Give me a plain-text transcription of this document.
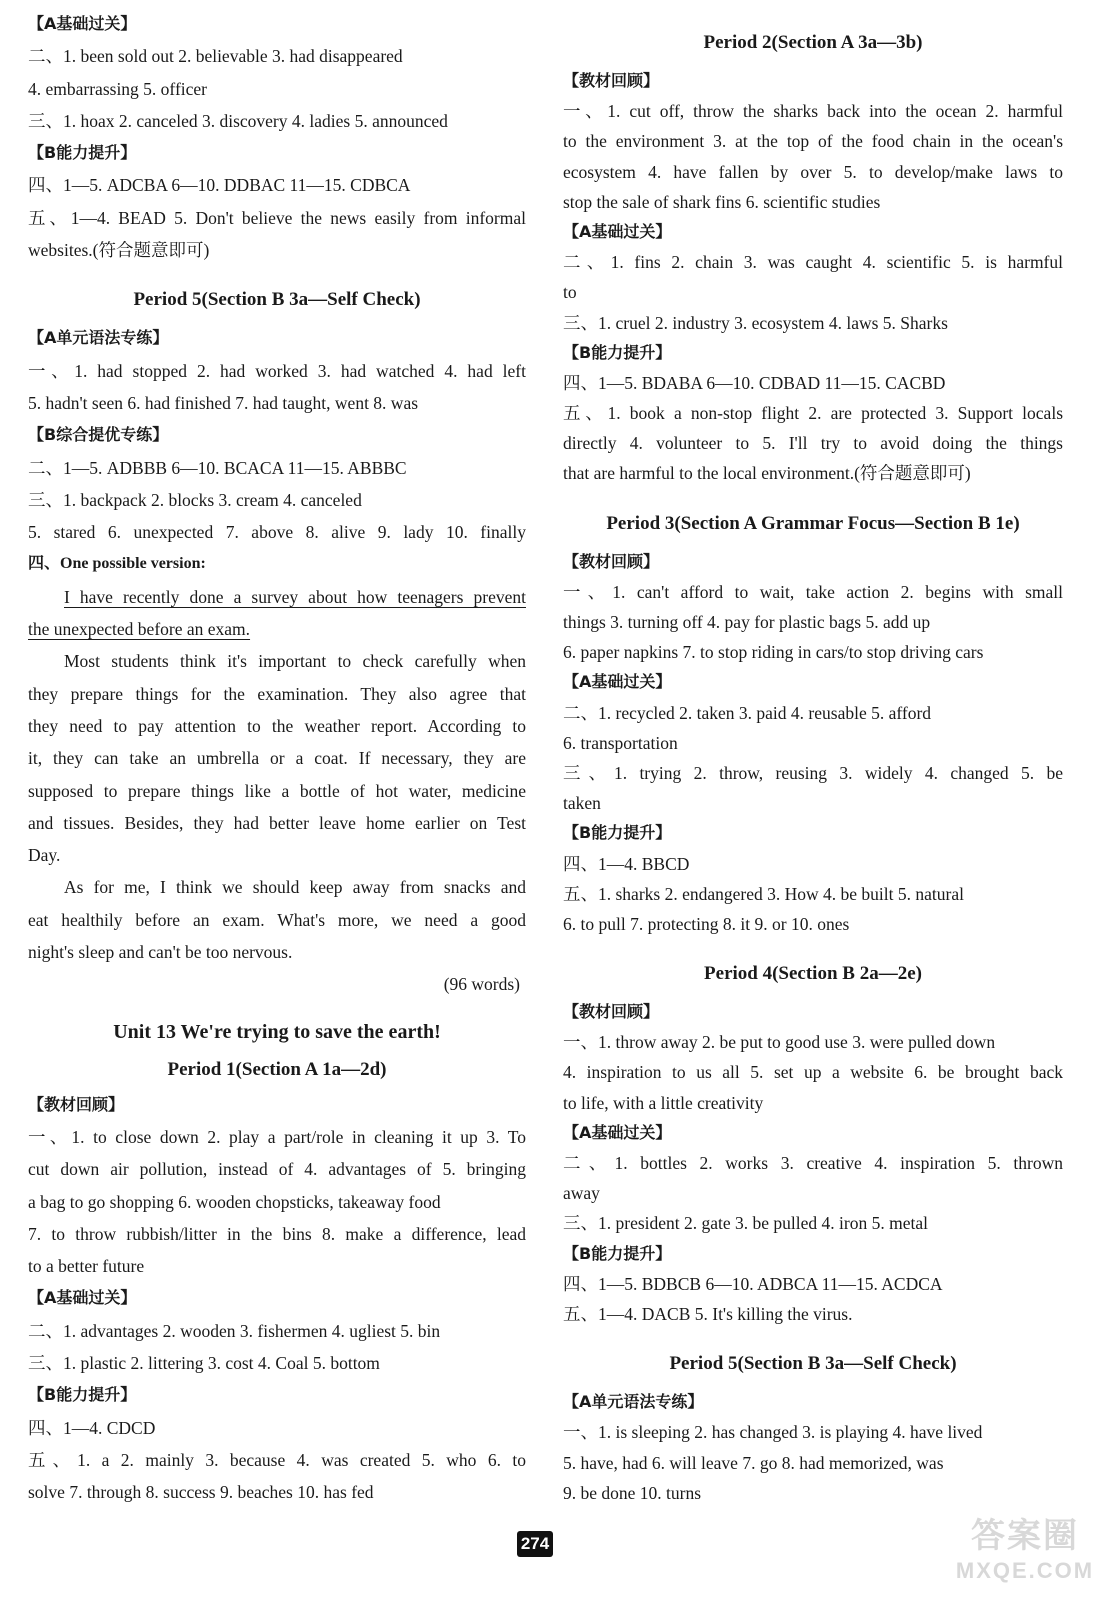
【A基础过关】
二、1. been sold out 2. believable 3. had disappeared
4. embarrassing 5. officer
三、1. hoax 2. canceled 3. discovery 4. ladies 5. announced
【B能力提升】
四、1—5. ADCBA 6—10. DDBAC 11—15. CDBCA
五、1—4. BEAD 5. Don't believe the news easily from informal
websites.(符合题意即可)
Period 5(Section B 3a—Self Check)
【A单元语法专练】
一、1. had stopped 2. had worked 3. had watched 4. had left
5. hadn't seen 6. had finished 7. had taught, went 8. was
【B综合提优专练】
二、1—5. ADBBB 6—10. BCACA 11—15. ABBBC
三、1. backpack 2. blocks 3. cream 4. canceled
5. stared 6. unexpected 7. above 8. alive 9. lady 10. finally
四、One possible version:
I have recently done a survey about how teenagers prevent
the unexpected before an exam.
Most students think it's important to check carefully when
they prepare things for the examination. They also agree that
they need to pay attention to the weather report. According to
it, they can take an umbrella or a coat. If necessary, they are
supposed to prepare things like a bottle of hot water, medicine
and tissues. Besides, they had better leave home earlier on Test
Day.
As for me, I think we should keep away from snacks and
eat healthily before an exam. What's more, we need a good
night's sleep and can't be too nervous.
(96 words)
Unit 13 We're trying to save the earth!
Period 1(Section A 1a—2d)
【教材回顾】
一、1. to close down 2. play a part/role in cleaning it up 3. To
cut down air pollution, instead of 4. advantages of 5. bringing
a bag to go shopping 6. wooden chopsticks, takeaway food
7. to throw rubbish/litter in the bins 8. make a difference, lead
to a better future
【A基础过关】
二、1. advantages 2. wooden 3. fishermen 4. ugliest 5. bin
三、1. plastic 2. littering 3. cost 4. Coal 5. bottom
【B能力提升】
四、1—4. CDCD
五、1. a 2. mainly 3. because 4. was created 5. who 6. to
solve 7. through 8. success 9. beaches 10. has fed
Period 2(Section A 3a—3b)
【教材回顾】
一、1. cut off, throw the sharks back into the ocean 2. harmful
to the environment 3. at the top of the food chain in the ocean's
ecosystem 4. have fallen by over 5. to develop/make laws to
stop the sale of shark fins 6. scientific studies
【A基础过关】
二、1. fins 2. chain 3. was caught 4. scientific 5. is harmful
to
三、1. cruel 2. industry 3. ecosystem 4. laws 5. Sharks
【B能力提升】
四、1—5. BDABA 6—10. CDBAD 11—15. CACBD
五、1. book a non-stop flight 2. are protected 3. Support locals
directly 4. volunteer to 5. I'll try to avoid doing the things
that are harmful to the local environment.(符合题意即可)
Period 3(Section A Grammar Focus—Section B 1e)
【教材回顾】
一、1. can't afford to wait, take action 2. begins with small
things 3. turning off 4. pay for plastic bags 5. add up
6. paper napkins 7. to stop riding in cars/to stop driving cars
【A基础过关】
二、1. recycled 2. taken 3. paid 4. reusable 5. afford
6. transportation
三、1. trying 2. throw, reusing 3. widely 4. changed 5. be
taken
【B能力提升】
四、1—4. BBCD
五、1. sharks 2. endangered 3. How 4. be built 5. natural
6. to pull 7. protecting 8. it 9. or 10. ones
Period 4(Section B 2a—2e)
【教材回顾】
一、1. throw away 2. be put to good use 3. were pulled down
4. inspiration to us all 5. set up a website 6. be brought back
to life, with a little creativity
【A基础过关】
二、1. bottles 2. works 3. creative 4. inspiration 5. thrown
away
三、1. president 2. gate 3. be pulled 4. iron 5. metal
【B能力提升】
四、1—5. BDBCB 6—10. ADBCA 11—15. ACDCA
五、1—4. DACB 5. It's killing the virus.
Period 5(Section B 3a—Self Check)
【A单元语法专练】
一、1. is sleeping 2. has changed 3. is playing 4. have lived
5. have, had 6. will leave 7. go 8. had memorized, was
9. be done 10. turns
274	答案圈
MXQE.COM
